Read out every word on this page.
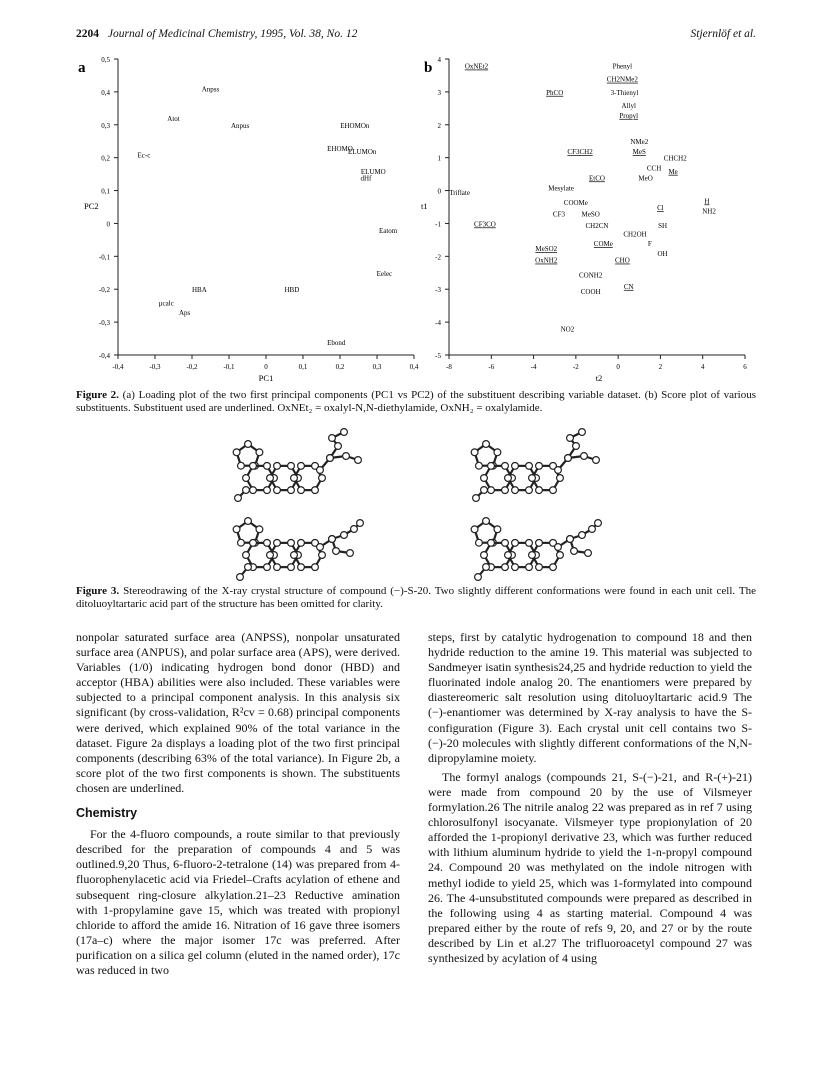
2204 Journal of Medicinal Chemistry, 1995, Vol. 38, No. 12	Stjernlöf et al.
a 0,5
0,4
0,3
0,2
0,1
0
-0,1
-0,2
-0,3
-0,4
-0,4	-0,3	-0,2	-0,1	0	0,1	0,2	0,3	0,4
PC2
PC1
Anpss
Atot
Anpus	EHOMOn
EHOMO
ELUMOn
Ec-c
ELUMO
dHf
Eatom
Eelec
HBA	HBD
µcalc
Aps
Ebond
b 4
3
2
1
0
-1
-2
-3
-4
-5
-8	-6	-4	-2	0	2	4	6
t1
t2
OxNEt2	Phenyl
CH2NMe2
PhCO	3-Thienyl
Allyl
Propyl
NMe2
CF3CH2	MeS
CHCH2
CCH Me
EtCO	MeO
Mesylate
Triflate
H
COOMe
Cl	NH2
CF3 MeSO
CF3CO	CH2CN	SH
CH2OH
COMe	F
MeSO2
OH
OxNH2	CHO
CONH2
CN
COOH
NO2
Figure 2. (a) Loading plot of the two first principal components (PC1 vs PC2) of the substituent describing variable dataset. (b) Score plot of various substituents. Substituent used are underlined. OxNEt₂ = oxalyl-N,N-diethylamide, OxNH₂ = oxalylamide.
Figure 3. Stereodrawing of the X-ray crystal structure of compound (−)-S-20. Two slightly different conformations were found in each unit cell. The ditoluoyltartaric acid part of the structure has been omitted for clarity.

nonpolar saturated surface area (ANPSS), nonpolar unsaturated surface area (ANPUS), and polar surface area (APS), were derived. Variables (1/0) indicating hydrogen bond donor (HBD) and acceptor (HBA) abilities were also included. These variables were subjected to a principal component analysis. In this analysis six significant (by cross-validation, R²cv = 0.68) principal components were derived, which explained 90% of the total variance in the dataset. Figure 2a displays a loading plot of the two first principal components (describing 63% of the total variance). In Figure 2b, a score plot of the two first components is shown. The substituents chosen are underlined.

Chemistry

For the 4-fluoro compounds, a route similar to that previously described for the preparation of compounds 4 and 5 was outlined.9,20 Thus, 6-fluoro-2-tetralone (14) was prepared from 4-fluorophenylacetic acid via Friedel–Crafts acylation of ethene and subsequent ring-closure alkylation.21–23 Reductive amination with 1-propylamine gave 15, which was treated with propionyl chloride to afford the amide 16. Nitration of 16 gave three isomers (17a–c) where the major isomer 17c was preferred. After purification on a silica gel column (eluted in the named order), 17c was reduced in two

steps, first by catalytic hydrogenation to compound 18 and then hydride reduction to the amine 19. This material was subjected to Sandmeyer isatin synthesis24,25 and hydride reduction to yield the fluorinated indole analog 20. The enantiomers were prepared by diastereomeric salt resolution using ditoluoyltartaric acid.9 The (−)-enantiomer was determined by X-ray analysis to have the S-configuration (Figure 3). Each crystal unit cell contains two S-(−)-20 molecules with slightly different conformations of the N,N-dipropylamine moiety.

The formyl analogs (compounds 21, S-(−)-21, and R-(+)-21) were made from compound 20 by the use of Vilsmeyer formylation.26 The nitrile analog 22 was prepared as in ref 7 using chlorosulfonyl isocyanate. Vilsmeyer type propionylation of 20 afforded the 1-propionyl derivative 23, which was further reduced with lithium aluminum hydride to yield the 1-n-propyl compound 24. Compound 20 was methylated on the indole nitrogen with methyl iodide to yield 25, which was 1-formylated into compound 26. The 4-unsubstituted compounds were prepared as described in the following using 4 as starting material. Compound 4 was prepared either by the route of refs 9, 20, and 27 or by the route described by Lin et al.27 The trifluoroacetyl compound 27 was synthesized by acylation of 4 using
